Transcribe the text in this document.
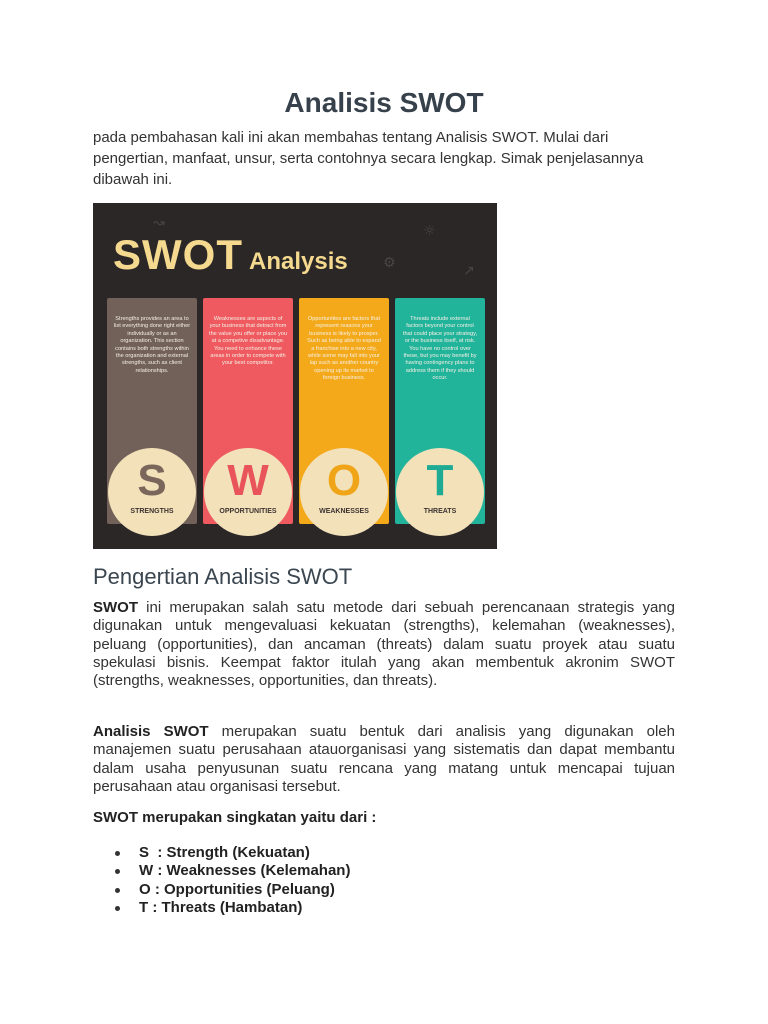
Analisis SWOT

pada pembahasan kali ini akan membahas tentang Analisis SWOT. Mulai dari pengertian, manfaat, unsur, serta contohnya secara lengkap. Simak penjelasannya dibawah ini.

☼
↗
⚙
↝
SWOT Analysis
Strengths provides an area to list everything done right either individually or as an organization. This section contains both strengths within the organization and external strengths, such as client relationships.
Weaknesses are aspects of your business that detract from the value you offer or place you at a competive disadvantage. You need to enhance these areas in order to compete with your best competitor.
Opportunities are factors that represent reasons your business is likely to prosper. Such as being able to expand a franchise into a new city, while some may fall into your lap such as another country opening up its market to foreign business.
Threats include external factors beyond your control that could place your strategy, or the business itself, at risk. You have no control over these, but you may benefit by having contingency plans to address them if they should occur.
S
STRENGTHS
W
OPPORTUNITIES
O
WEAKNESSES
T
THREATS
Pengertian Analisis SWOT

SWOT ini merupakan salah satu metode dari sebuah perencanaan strategis yang digunakan untuk mengevaluasi kekuatan (strengths), kelemahan (weaknesses), peluang (opportunities), dan ancaman (threats) dalam suatu proyek atau suatu spekulasi bisnis. Keempat faktor itulah yang akan membentuk akronim SWOT (strengths, weaknesses, opportunities, dan threats).

Analisis SWOT merupakan suatu bentuk dari analisis yang digunakan oleh manajemen suatu perusahaan atauorganisasi yang sistematis dan dapat membantu dalam usaha penyusunan suatu rencana yang matang untuk mencapai tujuan perusahaan atau organisasi tersebut.

SWOT merupakan singkatan yaitu dari :

S  : Strength (Kekuatan)
W : Weaknesses (Kelemahan)
O : Opportunities (Peluang)
T : Threats (Hambatan)
